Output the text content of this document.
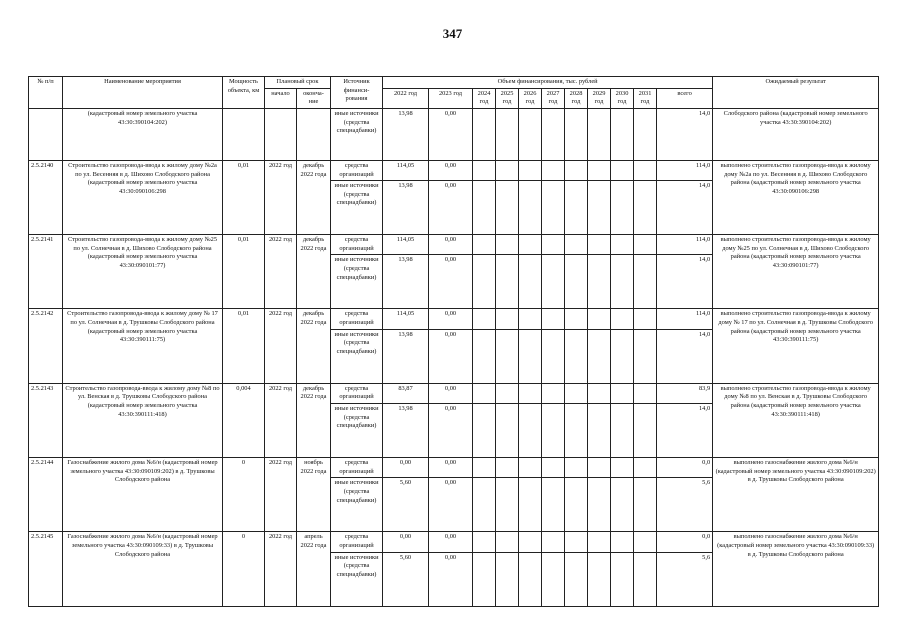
347
№ п/п	Наименование мероприятия	Мощность объекта, км	Плановый срок		Источник финанси-рования	Объем финансирования, тыс. рублей											Ожидаемый результат
			начало	оконча-ние		2022 год	2023 год	2024 год	2025 год	2026 год	2027 год	2028 год	2029 год	2030 год	2031 год	всего	
	(кадастровый номер земельного участка 43:30:390104:202)				иные источники (средства спецнадбавки)	13,98	0,00									14,0	Слободского района (кадастровый номер земельного участка 43:30:390104:202)
2.5.2140	Строительство газопровода-ввода к жилому дому №2а по ул. Весенняя в д. Шихово Слободского района (кадастровый номер земельного участка 43:30:090106:298	0,01	2022 год	декабрь 2022 года	средства организаций	114,05	0,00									114,0	выполнено строительство газопровода-ввода к жилому дому №2а по ул. Весенняя в д. Шихово Слободского района (кадастровый номер земельного участка 43:30:090106:298
					иные источники (средства спецнадбавки)	13,98	0,00									14,0	
2.5.2141	Строительство газопровода-ввода к жилому дому №25 по ул. Солнечная в д. Шихово Слободского района (кадастровый номер земельного участка 43:30:090101:77)	0,01	2022 год	декабрь 2022 года	средства организаций	114,05	0,00									114,0	выполнено строительство газопровода-ввода к жилому дому №25 по ул. Солнечная в д. Шихово Слободского района (кадастровый номер земельного участка 43:30:090101:77)
					иные источники (средства спецнадбавки)	13,98	0,00									14,0	
2.5.2142	Строительство газопровода-ввода к жилому дому № 17 по ул. Солнечная в д. Трушковы Слободского района (кадастровый номер земельного участка 43:30:390111:75)	0,01	2022 год	декабрь 2022 года	средства организаций	114,05	0,00									114,0	выполнено строительство газопровода-ввода к жилому дому № 17 по ул. Солнечная в д. Трушковы Слободского района (кадастровый номер земельного участка 43:30:390111:75)
					иные источники (средства спецнадбавки)	13,98	0,00									14,0	
2.5.2143	Строительство газопровода-ввода к жилому дому №8 по ул. Венская в д. Трушковы Слободского района (кадастровый номер земельного участка 43:30:390111:418)	0,004	2022 год	декабрь 2022 года	средства организаций	83,87	0,00									83,9	выполнено строительство газопровода-ввода к жилому дому №8 по ул. Венская в д. Трушковы Слободского района (кадастровый номер земельного участка 43:30:390111:418)
					иные источники (средства спецнадбавки)	13,98	0,00									14,0	
2.5.2144	Газоснабжение жилого дома №6/н (кадастровый номер земельного участка 43:30:090109:202) в д. Трушковы Слободского района	0	2022 год	ноябрь 2022 года	средства организаций	0,00	0,00									0,0	выполнено газоснабжение жилого дома №6/н (кадастровый номер земельного участка 43:30:090109:202) в д. Трушковы Слободского района
					иные источники (средства спецнадбавки)	5,60	0,00									5,6	
2.5.2145	Газоснабжение жилого дома №6/н (кадастровый номер земельного участка 43:30:090109:33) в д. Трушковы Слободского района	0	2022 год	апрель 2022 года	средства организаций	0,00	0,00									0,0	выполнено газоснабжение жилого дома №6/н (кадастровый номер земельного участка 43:30:090109:33) в д. Трушковы Слободского района
					иные источники (средства спецнадбавки)	5,60	0,00									5,6	
